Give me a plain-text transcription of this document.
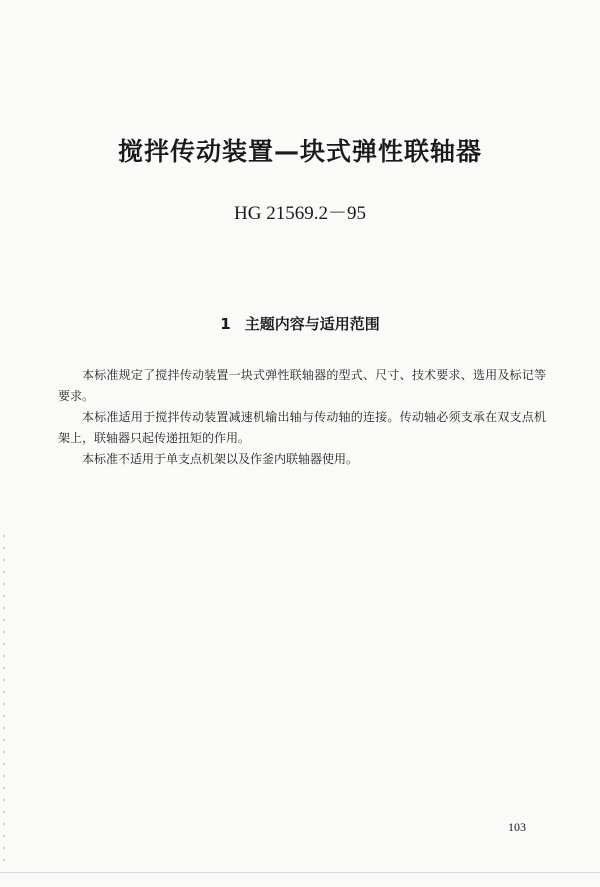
搅拌传动装置—块式弹性联轴器
HG 21569.2－95
1 主题内容与适用范围

本标准规定了搅拌传动装置一块式弹性联轴器的型式、尺寸、技术要求、选用及标记等要求。

本标准适用于搅拌传动装置减速机输出轴与传动轴的连接。传动轴必须支承在双支点机架上，联轴器只起传递扭矩的作用。

本标准不适用于单支点机架以及作釜内联轴器使用。

103
